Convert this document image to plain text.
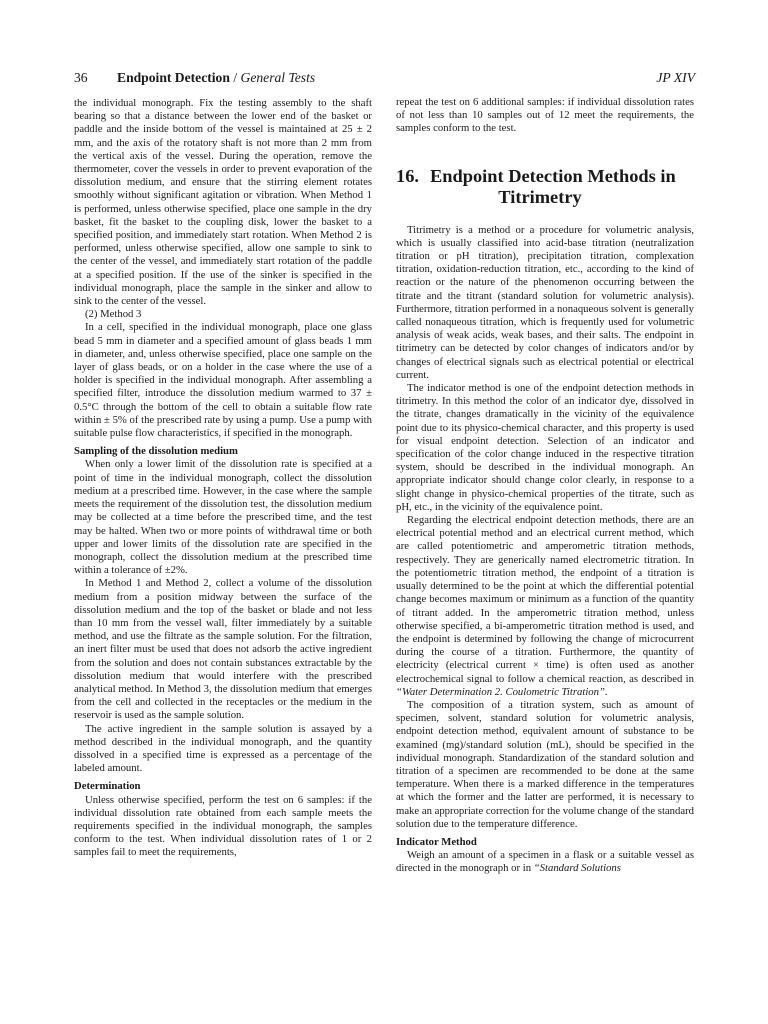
36 Endpoint Detection / General Tests	JP XIV

the individual monograph. Fix the testing assembly to the shaft bearing so that a distance between the lower end of the basket or paddle and the inside bottom of the vessel is maintained at 25 ± 2 mm, and the axis of the rotatory shaft is not more than 2 mm from the vertical axis of the vessel. During the operation, remove the thermometer, cover the vessels in order to prevent evaporation of the dissolution medium, and ensure that the stirring element rotates smoothly without significant agitation or vibration. When Method 1 is performed, unless otherwise specified, place one sample in the dry basket, fit the basket to the coupling disk, lower the basket to a specified position, and immediately start rotation. When Method 2 is performed, unless otherwise specified, allow one sample to sink to the center of the vessel, and immediately start rotation of the paddle at a specified position. If the use of the sinker is specified in the individual monograph, place the sample in the sinker and allow to sink to the center of the vessel.

(2) Method 3

In a cell, specified in the individual monograph, place one glass bead 5 mm in diameter and a specified amount of glass beads 1 mm in diameter, and, unless otherwise specified, place one sample on the layer of glass beads, or on a holder in the case where the use of a holder is specified in the individual monograph. After assembling a specified filter, introduce the dissolution medium warmed to 37 ± 0.5°C through the bottom of the cell to obtain a suitable flow rate within ± 5% of the prescribed rate by using a pump. Use a pump with suitable pulse flow characteristics, if specified in the monograph.

Sampling of the dissolution medium

When only a lower limit of the dissolution rate is specified at a point of time in the individual monograph, collect the dissolution medium at a prescribed time. However, in the case where the sample meets the requirement of the dissolution test, the dissolution medium may be collected at a time before the prescribed time, and the test may be halted. When two or more points of withdrawal time or both upper and lower limits of the dissolution rate are specified in the monograph, collect the dissolution medium at the prescribed time within a tolerance of ±2%.

In Method 1 and Method 2, collect a volume of the dissolution medium from a position midway between the surface of the dissolution medium and the top of the basket or blade and not less than 10 mm from the vessel wall, filter immediately by a suitable method, and use the filtrate as the sample solution. For the filtration, an inert filter must be used that does not adsorb the active ingredient from the solution and does not contain substances extractable by the dissolution medium that would interfere with the prescribed analytical method. In Method 3, the dissolution medium that emerges from the cell and collected in the receptacles or the medium in the reservoir is used as the sample solution.

The active ingredient in the sample solution is assayed by a method described in the individual monograph, and the quantity dissolved in a specified time is expressed as a percentage of the labeled amount.

Determination

Unless otherwise specified, perform the test on 6 samples: if the individual dissolution rate obtained from each sample meets the requirements specified in the individual monograph, the samples conform to the test. When individual dissolution rates of 1 or 2 samples fail to meet the requirements,

repeat the test on 6 additional samples: if individual dissolution rates of not less than 10 samples out of 12 meet the requirements, the samples conform to the test.

16. Endpoint Detection Methods in
Titrimetry

Titrimetry is a method or a procedure for volumetric analysis, which is usually classified into acid-base titration (neutralization titration or pH titration), precipitation titration, complexation titration, oxidation-reduction titration, etc., according to the kind of reaction or the nature of the phenomenon occurring between the titrate and the titrant (standard solution for volumetric analysis). Furthermore, titration performed in a nonaqueous solvent is generally called nonaqueous titration, which is frequently used for volumetric analysis of weak acids, weak bases, and their salts. The endpoint in titrimetry can be detected by color changes of indicators and/or by changes of electrical signals such as electrical potential or electrical current.

The indicator method is one of the endpoint detection methods in titrimetry. In this method the color of an indicator dye, dissolved in the titrate, changes dramatically in the vicinity of the equivalence point due to its physico-chemical character, and this property is used for visual endpoint detection. Selection of an indicator and specification of the color change induced in the respective titration system, should be described in the individual monograph. An appropriate indicator should change color clearly, in response to a slight change in physico-chemical properties of the titrate, such as pH, etc., in the vicinity of the equivalence point.

Regarding the electrical endpoint detection methods, there are an electrical potential method and an electrical current method, which are called potentiometric and amperometric titration methods, respectively. They are generically named electrometric titration. In the potentiometric titration method, the endpoint of a titration is usually determined to be the point at which the differential potential change becomes maximum or minimum as a function of the quantity of titrant added. In the amperometric titration method, unless otherwise specified, a bi-amperometric titration method is used, and the endpoint is determined by following the change of microcurrent during the course of a titration. Furthermore, the quantity of electricity (electrical current × time) is often used as another electrochemical signal to follow a chemical reaction, as described in “Water Determination 2. Coulometric Titration”.

The composition of a titration system, such as amount of specimen, solvent, standard solution for volumetric analysis, endpoint detection method, equivalent amount of substance to be examined (mg)/standard solution (mL), should be specified in the individual monograph. Standardization of the standard solution and titration of a specimen are recommended to be done at the same temperature. When there is a marked difference in the temperatures at which the former and the latter are performed, it is necessary to make an appropriate correction for the volume change of the standard solution due to the temperature difference.

Indicator Method

Weigh an amount of a specimen in a flask or a suitable vessel as directed in the monograph or in “Standard Solutions
